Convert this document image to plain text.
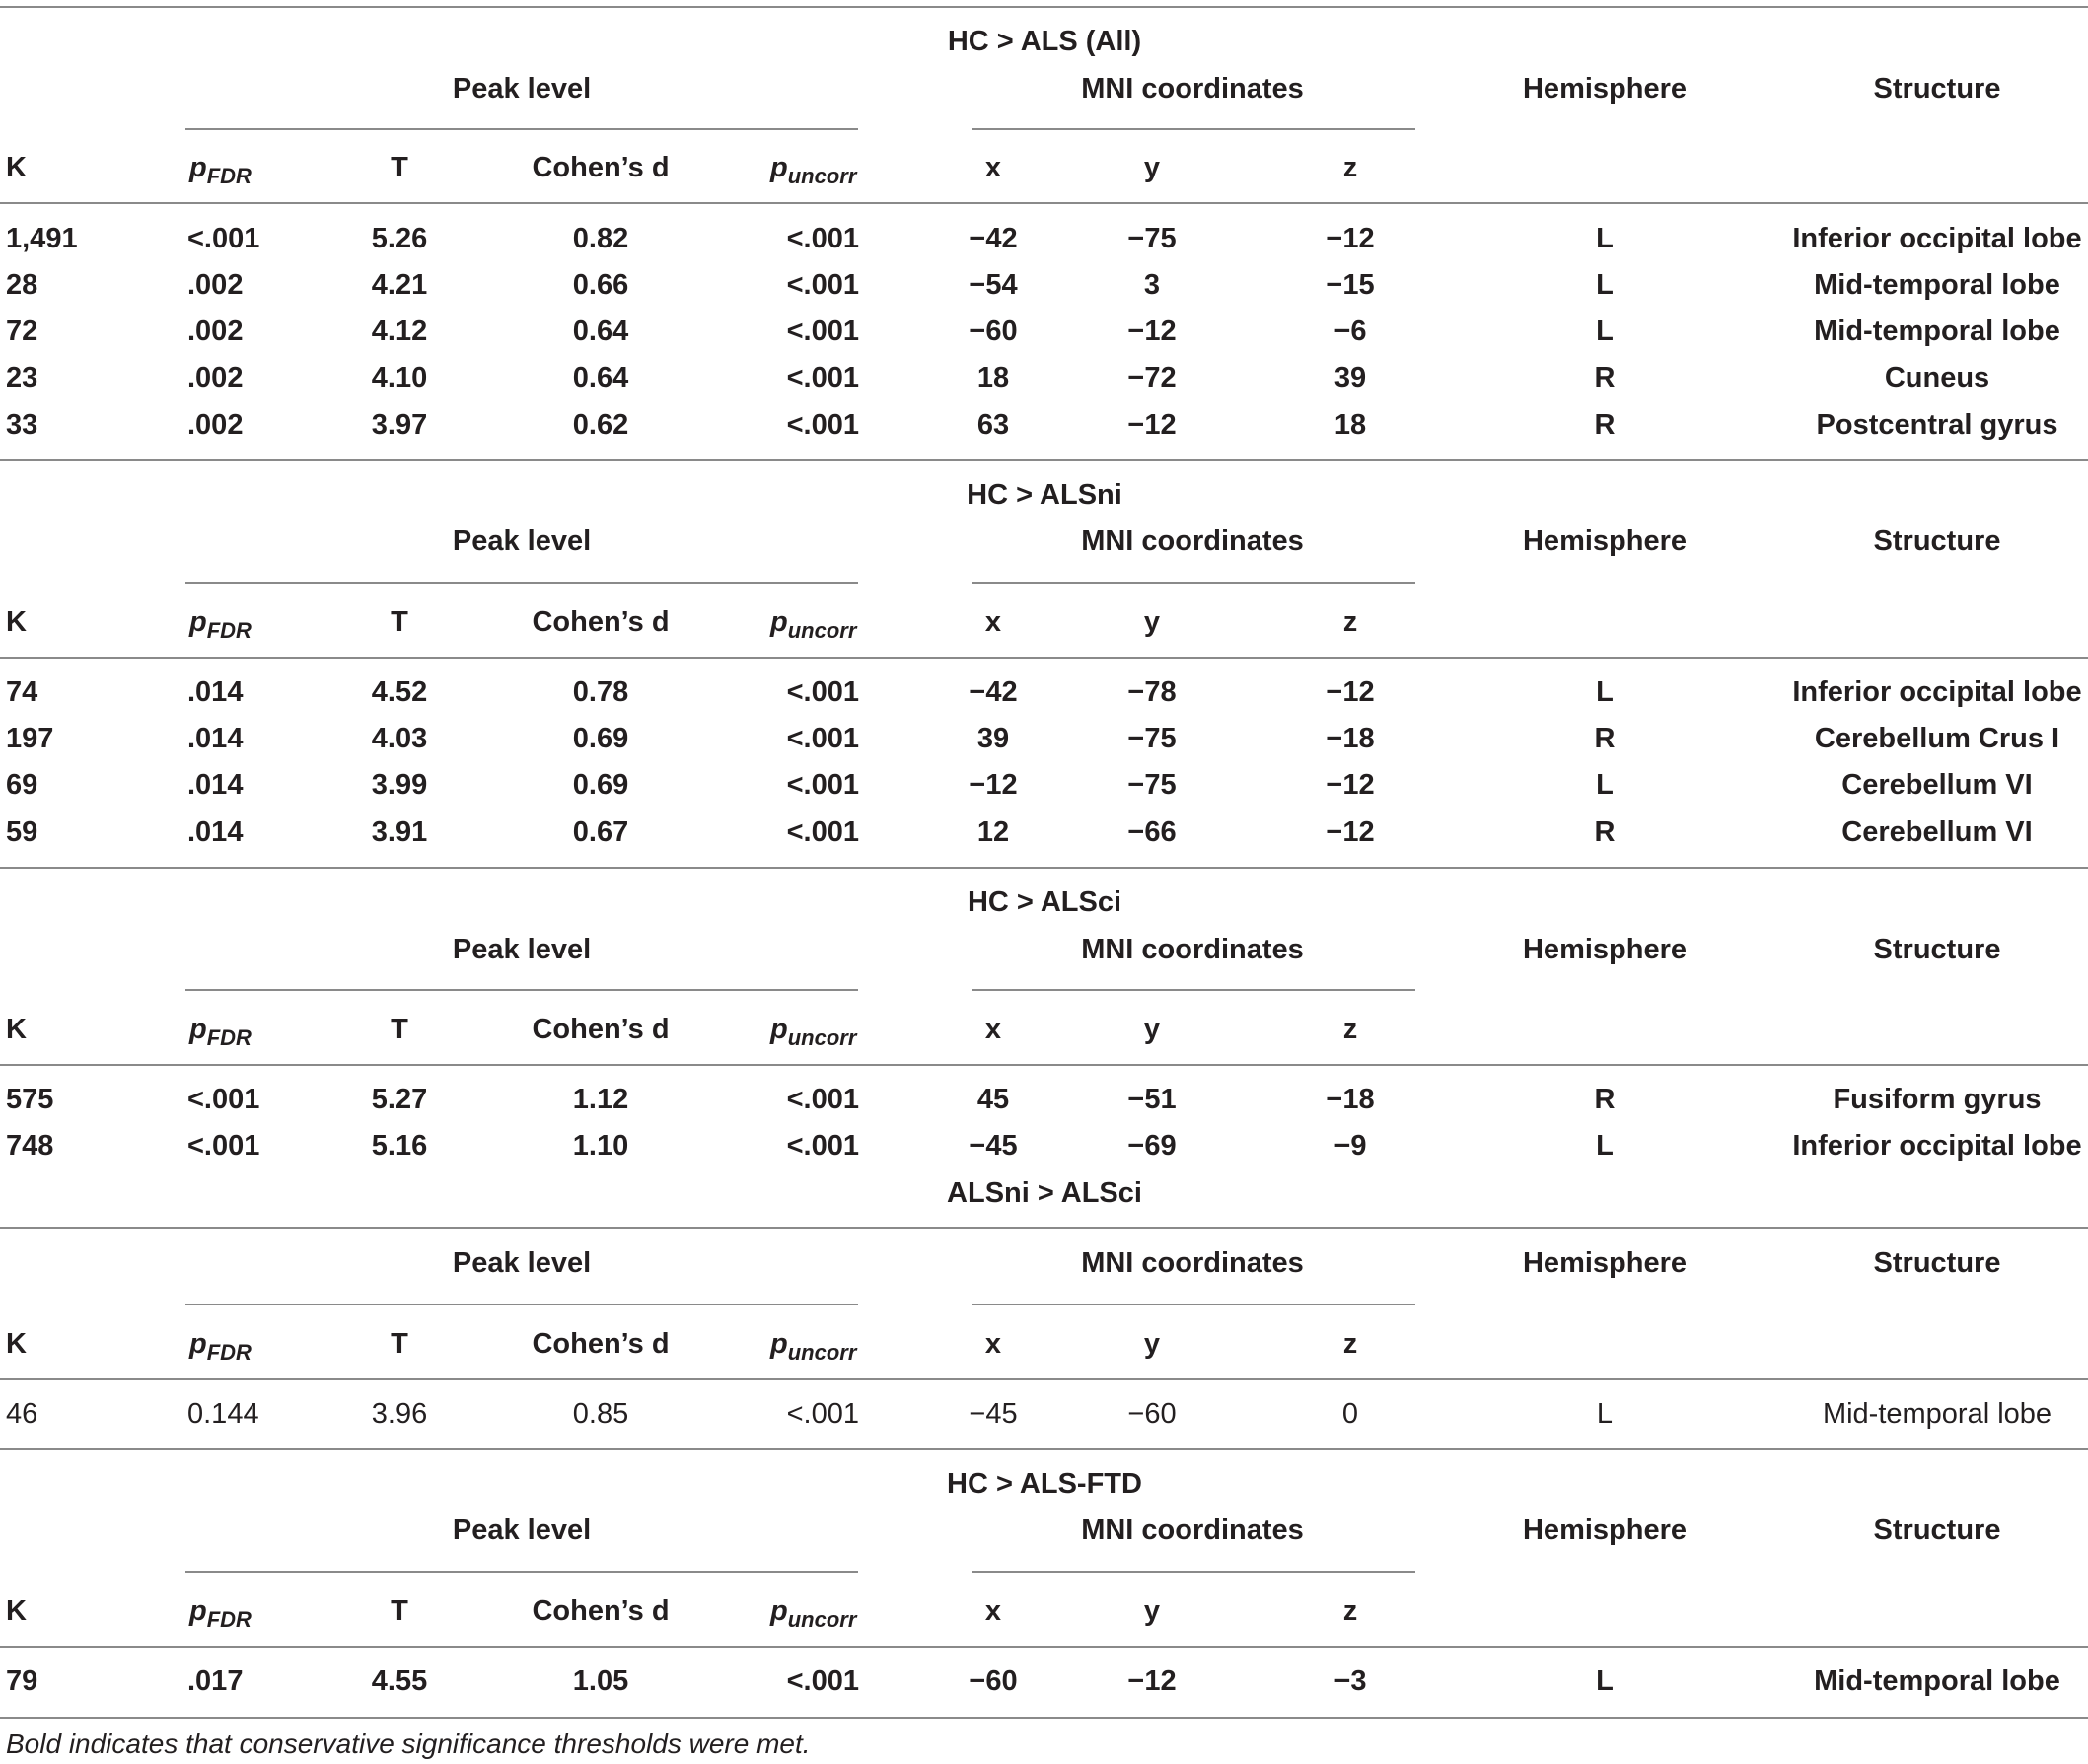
HC > ALS (All)
Peak level	MNI coordinates	Hemisphere	Structure
K	$p_{FDR}$	T	Cohen’s d	$p_{uncorr}$	x	y	z
1,491	<.001	5.26	0.82	<.001	−42	−75	−12	L	Inferior occipital lobe
28	.002	4.21	0.66	<.001	−54	3	−15	L	Mid-temporal lobe
72	.002	4.12	0.64	<.001	−60	−12	−6	L	Mid-temporal lobe
23	.002	4.10	0.64	<.001	18	−72	39	R	Cuneus
33	.002	3.97	0.62	<.001	63	−12	18	R	Postcentral gyrus
HC > ALSni
Peak level	MNI coordinates	Hemisphere	Structure
K	$p_{FDR}$	T	Cohen’s d	$p_{uncorr}$	x	y	z
74	.014	4.52	0.78	<.001	−42	−78	−12	L	Inferior occipital lobe
197	.014	4.03	0.69	<.001	39	−75	−18	R	Cerebellum Crus I
69	.014	3.99	0.69	<.001	−12	−75	−12	L	Cerebellum VI
59	.014	3.91	0.67	<.001	12	−66	−12	R	Cerebellum VI
HC > ALSci
Peak level	MNI coordinates	Hemisphere	Structure
K	$p_{FDR}$	T	Cohen’s d	$p_{uncorr}$	x	y	z
575	<.001	5.27	1.12	<.001	45	−51	−18	R	Fusiform gyrus
748	<.001	5.16	1.10	<.001	−45	−69	−9	L	Inferior occipital lobe
ALSni > ALSci
Peak level	MNI coordinates	Hemisphere	Structure
K	$p_{FDR}$	T	Cohen’s d	$p_{uncorr}$	x	y	z
46	0.144	3.96	0.85	<.001	−45	−60	0	L	Mid-temporal lobe
HC > ALS-FTD
Peak level	MNI coordinates	Hemisphere	Structure
K	$p_{FDR}$	T	Cohen’s d	$p_{uncorr}$	x	y	z
79	.017	4.55	1.05	<.001	−60	−12	−3	L	Mid-temporal lobe
Bold indicates that conservative significance thresholds were met.
